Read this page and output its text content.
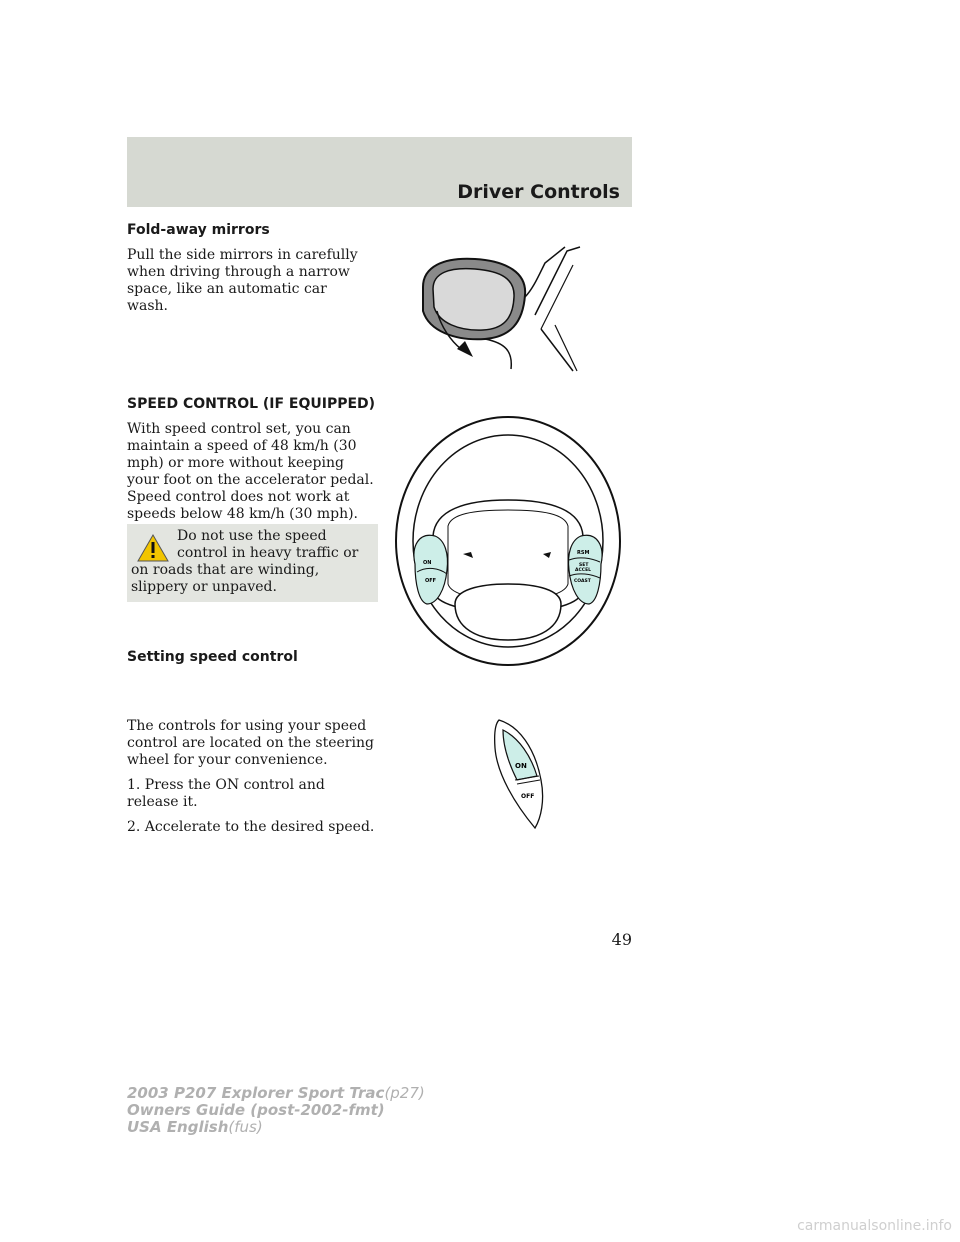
Driver Controls

Fold-away mirrors

Pull the side mirrors in carefully when driving through a narrow space, like an automatic car wash.

SPEED CONTROL (IF EQUIPPED)

With speed control set, you can maintain a speed of 48 km/h (30 mph) or more without keeping your foot on the accelerator pedal. Speed control does not work at speeds below 48 km/h (30 mph).

Do not use the speed
control in heavy traffic or
on roads that are winding, slippery or unpaved.
ON
OFF
RSM
SET
ACCEL
COAST

Setting speed control

The controls for using your speed control are located on the steering wheel for your convenience.

1. Press the ON control and release it.

2. Accelerate to the desired speed.

ON
OFF
49
2003 P207 Explorer Sport Trac(p27)
Owners Guide (post-2002-fmt)
USA English(fus)
carmanualsonline.info
